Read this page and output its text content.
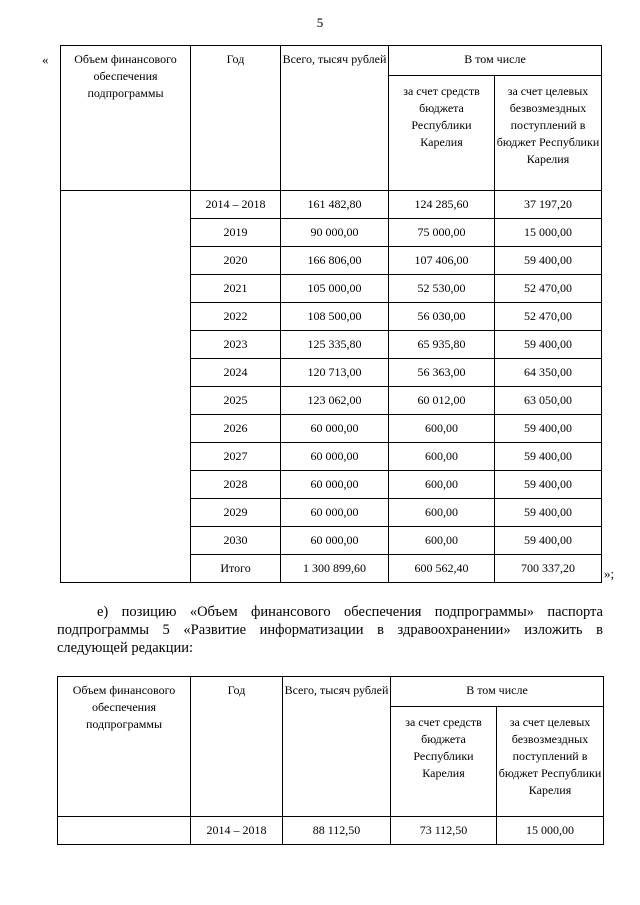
5
« Объем финансового обеспечения подпрограммы	Год	Всего, тысяч рублей	В том числе	
			за счет средств бюджета Республики Карелия	за счет целевых безвозмездных поступлений в бюджет Республики Карелия
	2014 – 2018	161 482,80	124 285,60	37 197,20
	2019	90 000,00	75 000,00	15 000,00
	2020	166 806,00	107 406,00	59 400,00
	2021	105 000,00	52 530,00	52 470,00
	2022	108 500,00	56 030,00	52 470,00
	2023	125 335,80	65 935,80	59 400,00
	2024	120 713,00	56 363,00	64 350,00
	2025	123 062,00	60 012,00	63 050,00
	2026	60 000,00	600,00	59 400,00
	2027	60 000,00	600,00	59 400,00
	2028	60 000,00	600,00	59 400,00
	2029	60 000,00	600,00	59 400,00
	2030	60 000,00	600,00	59 400,00
	Итого	1 300 899,60	600 562,40	700 337,20 »;

е) позицию «Объем финансового обеспечения подпрограммы» паспорта подпрограммы 5 «Развитие информатизации в здравоохранении» изложить в следующей редакции:

Объем финансового обеспечения подпрограммы	Год	Всего, тысяч рублей	В том числе	
			за счет средств бюджета Республики Карелия	за счет целевых безвозмездных поступлений в бюджет Республики Карелия
	2014 – 2018	88 112,50	73 112,50	15 000,00
